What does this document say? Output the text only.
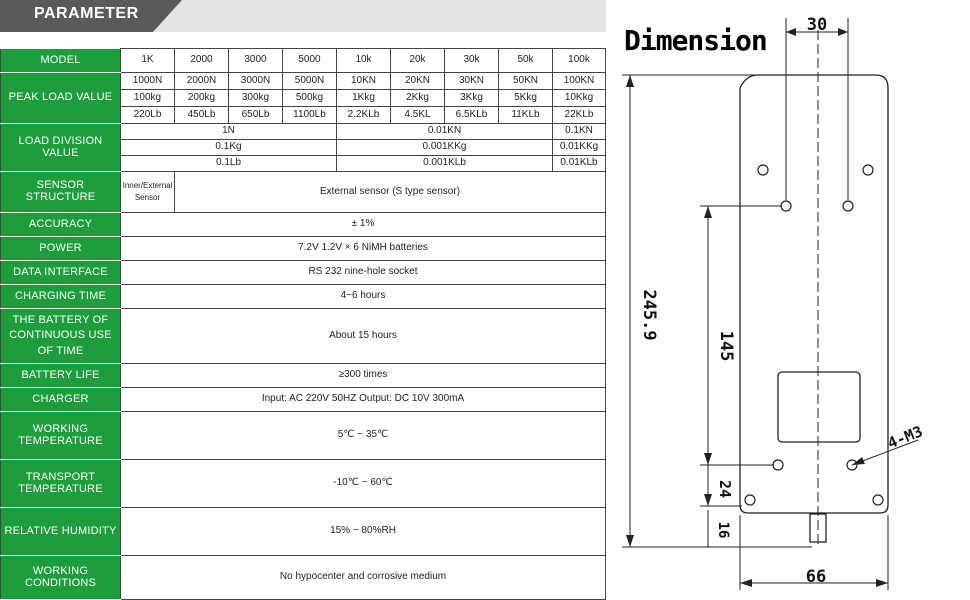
PARAMETER
MODEL	1K	2000	3000	5000	10k	20k	30k	50k	100k
PEAK LOAD VALUE	1000N	2000N	3000N	5000N	10KN	20KN	30KN	50KN	100KN
	100kg	200kg	300kg	500kg	1Kkg	2Kkg	3Kkg	5Kkg	10Kkg
	220Lb	450Lb	650Lb	1100Lb	2.2KLb	4.5KL	6.5KLb	11KLb	22KLb
LOAD DIVISION VALUE	1N				0.01KN				0.1KN
	0.1Kg				0.001KKg				0.01KKg
	0.1Lb				0.001KLb				0.01KLb
SENSOR STRUCTURE	Inner/External Sensor	External sensor (S type sensor)							
ACCURACY	± 1%								
POWER	7.2V 1.2V × 6 NiMH batteries								
DATA INTERFACE	RS 232 nine-hole socket								
CHARGING TIME	4~6 hours								
THE BATTERY OF CONTINUOUS USE OF TIME	About 15 hours								
BATTERY LIFE	≥300 times								
CHARGER	Input: AC 220V 50HZ Output: DC 10V 300mA								
WORKING TEMPERATURE	5℃ ~ 35℃								
TRANSPORT TEMPERATURE	-10℃ ~ 60℃								
RELATIVE HUMIDITY	15% ~ 80%RH								
WORKING CONDITIONS	No hypocenter and corrosive medium								
Dimension 30
245.9
145
24
16
66
4-M3
